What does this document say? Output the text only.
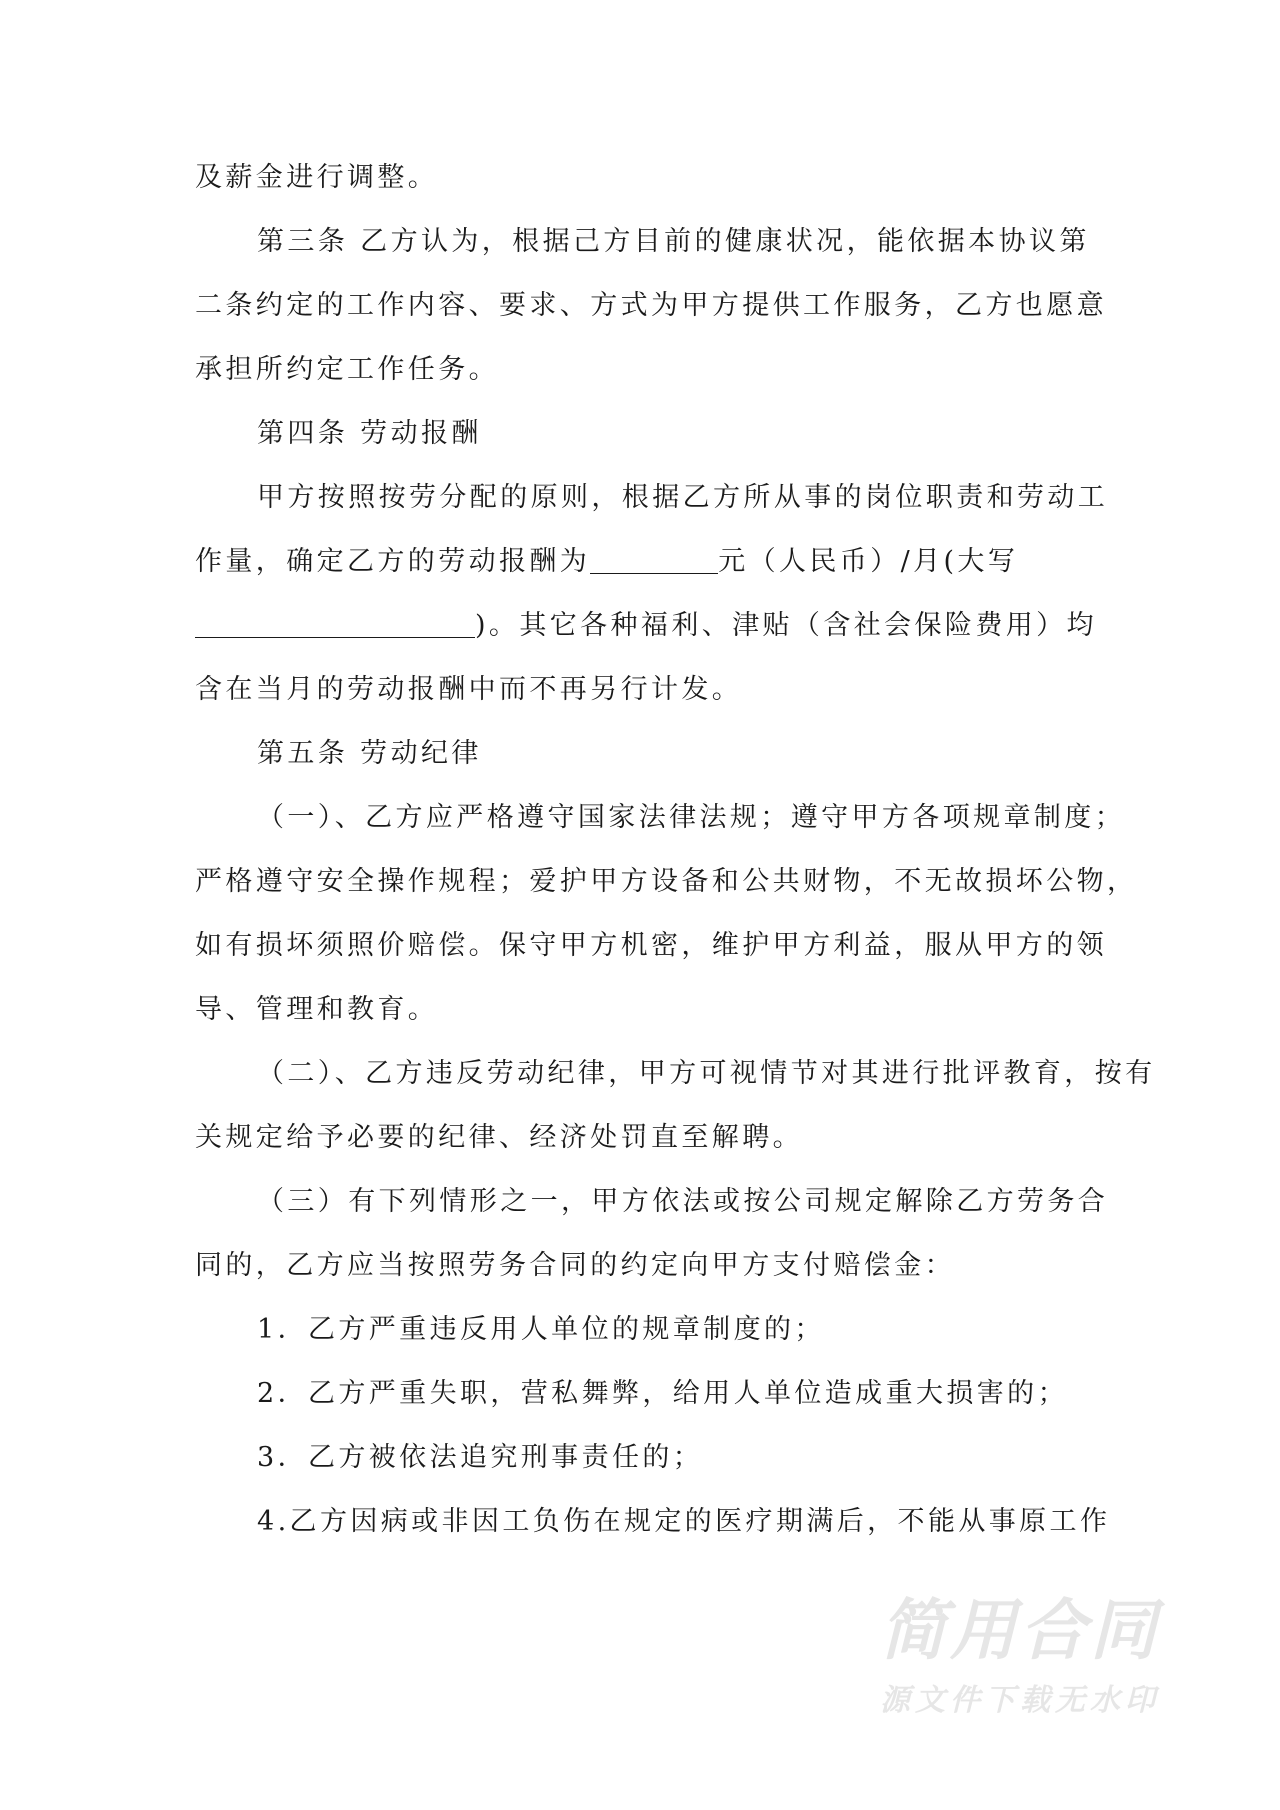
及薪金进行调整。
第三条 乙方认为，根据己方目前的健康状况，能依据本协议第
二条约定的工作内容、要求、方式为甲方提供工作服务，乙方也愿意
承担所约定工作任务。
第四条 劳动报酬
甲方按照按劳分配的原则，根据乙方所从事的岗位职责和劳动工
作量，确定乙方的劳动报酬为	元（人民币）/月(大写
)。其它各种福利、津贴（含社会保险费用）均
含在当月的劳动报酬中而不再另行计发。
第五条 劳动纪律
（一）、乙方应严格遵守国家法律法规；遵守甲方各项规章制度；
严格遵守安全操作规程；爱护甲方设备和公共财物，不无故损坏公物，
如有损坏须照价赔偿。保守甲方机密，维护甲方利益，服从甲方的领
导、管理和教育。
（二）、乙方违反劳动纪律，甲方可视情节对其进行批评教育，按有
关规定给予必要的纪律、经济处罚直至解聘。
（三）有下列情形之一，甲方依法或按公司规定解除乙方劳务合
同的，乙方应当按照劳务合同的约定向甲方支付赔偿金：
1．乙方严重违反用人单位的规章制度的；
2．乙方严重失职，营私舞弊，给用人单位造成重大损害的；
3．乙方被依法追究刑事责任的；
4.乙方因病或非因工负伤在规定的医疗期满后，不能从事原工作
简用合同
源文件下载无水印
